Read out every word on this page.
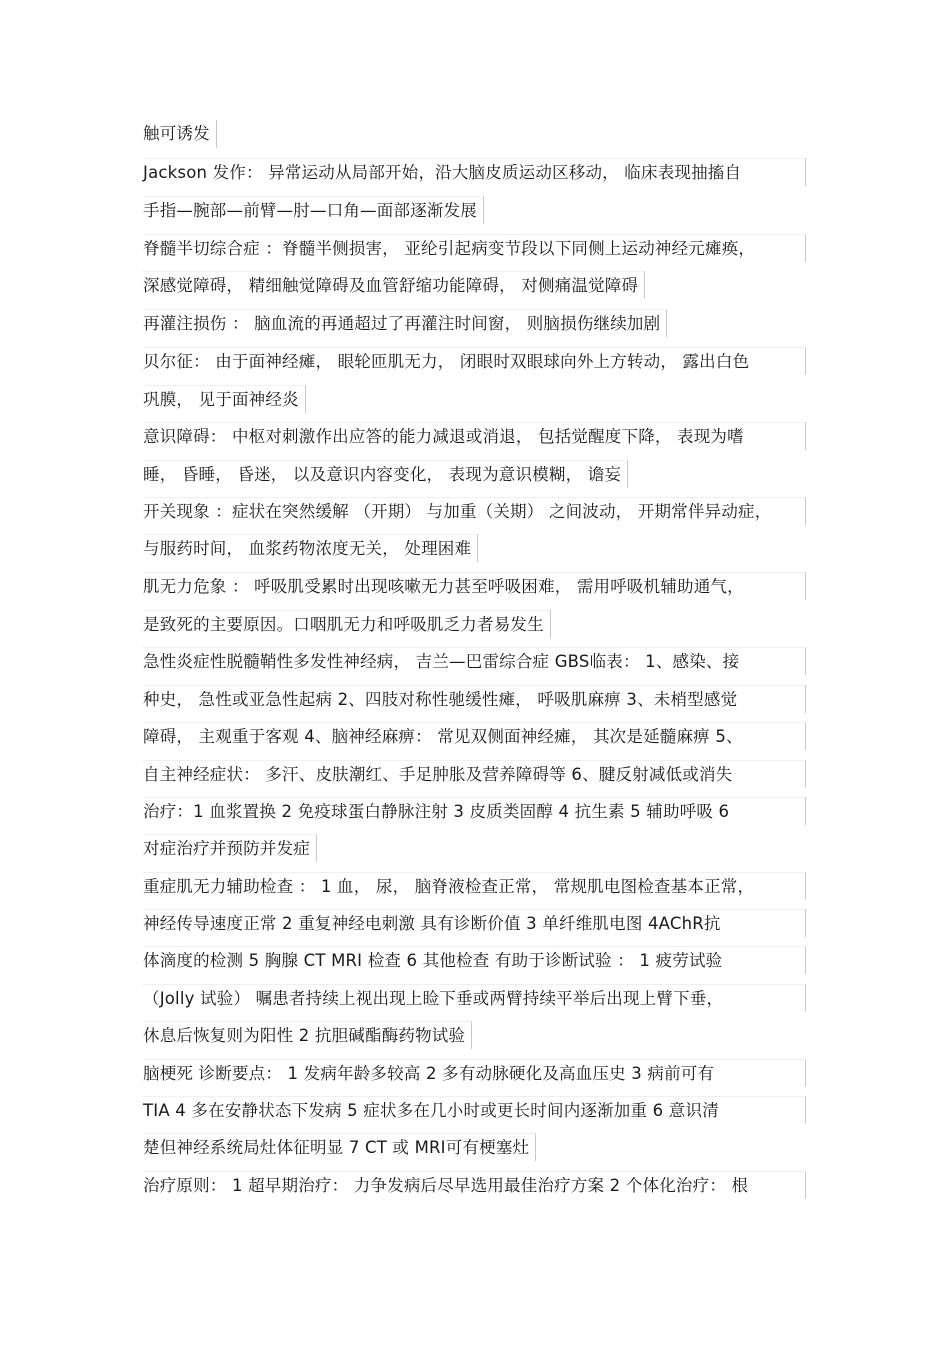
触可诱发
Jackson 发作： 异常运动从局部开始，沿大脑皮质运动区移动， 临床表现抽搐自
手指—腕部—前臂—肘—口角—面部逐渐发展
脊髓半切综合症 ：脊髓半侧损害， 亚纶引起病变节段以下同侧上运动神经元瘫痪，
深感觉障碍， 精细触觉障碍及血管舒缩功能障碍， 对侧痛温觉障碍
再灌注损伤 ： 脑血流的再通超过了再灌注时间窗， 则脑损伤继续加剧
贝尔征： 由于面神经瘫， 眼轮匝肌无力， 闭眼时双眼球向外上方转动， 露出白色
巩膜， 见于面神经炎
意识障碍： 中枢对刺激作出应答的能力减退或消退， 包括觉醒度下降， 表现为嗜
睡， 昏睡， 昏迷， 以及意识内容变化， 表现为意识模糊， 谵妄
开关现象 ：症状在突然缓解 （开期） 与加重（关期） 之间波动， 开期常伴异动症，
与服药时间， 血浆药物浓度无关， 处理困难
肌无力危象 ： 呼吸肌受累时出现咳嗽无力甚至呼吸困难， 需用呼吸机辅助通气，
是致死的主要原因。口咽肌无力和呼吸肌乏力者易发生
急性炎症性脱髓鞘性多发性神经病， 吉兰—巴雷综合症 GBS临表： 1、感染、接
种史， 急性或亚急性起病 2、四肢对称性驰缓性瘫， 呼吸肌麻痹 3、未梢型感觉
障碍， 主观重于客观 4、脑神经麻痹： 常见双侧面神经瘫， 其次是延髓麻痹 5、
自主神经症状： 多汗、皮肤潮红、手足肿胀及营养障碍等 6、腱反射减低或消失
治疗：1 血浆置换 2 免疫球蛋白静脉注射 3 皮质类固醇 4 抗生素 5 辅助呼吸 6
对症治疗并预防并发症
重症肌无力辅助检查 ： 1 血， 尿， 脑脊液检查正常， 常规肌电图检查基本正常，
神经传导速度正常 2 重复神经电刺激 具有诊断价值 3 单纤维肌电图 4AChR抗
体滴度的检测 5 胸腺 CT MRI 检查 6 其他检查 有助于诊断试验 ： 1 疲劳试验
（Jolly 试验） 嘱患者持续上视出现上睑下垂或两臂持续平举后出现上臂下垂，
休息后恢复则为阳性 2 抗胆碱酯酶药物试验
脑梗死 诊断要点： 1 发病年龄多较高 2 多有动脉硬化及高血压史 3 病前可有
TIA 4 多在安静状态下发病 5 症状多在几小时或更长时间内逐渐加重 6 意识清
楚但神经系统局灶体征明显 7 CT 或 MRI可有梗塞灶
治疗原则： 1 超早期治疗： 力争发病后尽早选用最佳治疗方案 2 个体化治疗： 根
